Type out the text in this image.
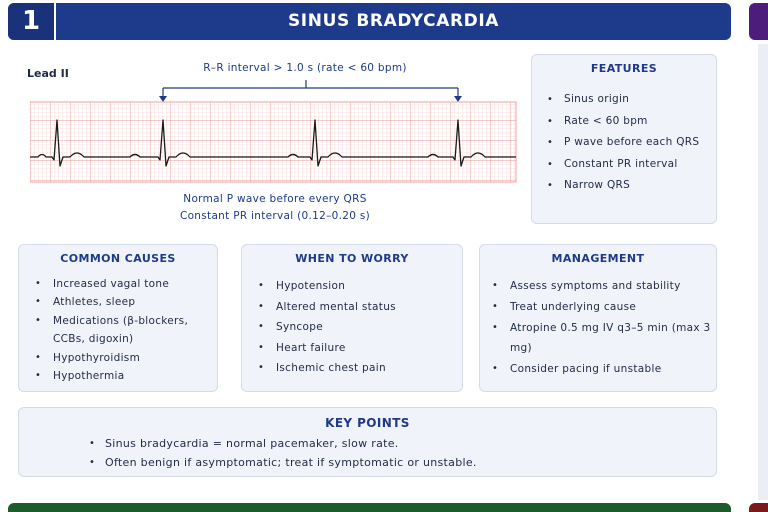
1	SINUS BRADYCARDIA
Lead II	R–R interval > 1.0 s (rate < 60 bpm)
Normal P wave before every QRS
Constant PR interval (0.12–0.20 s)
FEATURES
• Sinus origin
• Rate < 60 bpm
• P wave before each QRS
• Constant PR interval
• Narrow QRS
COMMON CAUSES
• Increased vagal tone
• Athletes, sleep
• Medications (β-blockers, CCBs, digoxin)
• Hypothyroidism
• Hypothermia
WHEN TO WORRY
• Hypotension
• Altered mental status
• Syncope
• Heart failure
• Ischemic chest pain
MANAGEMENT
• Assess symptoms and stability
• Treat underlying cause
• Atropine 0.5 mg IV q3–5 min (max 3 mg)
• Consider pacing if unstable
KEY POINTS
• Sinus bradycardia = normal pacemaker, slow rate.
• Often benign if asymptomatic; treat if symptomatic or unstable.
